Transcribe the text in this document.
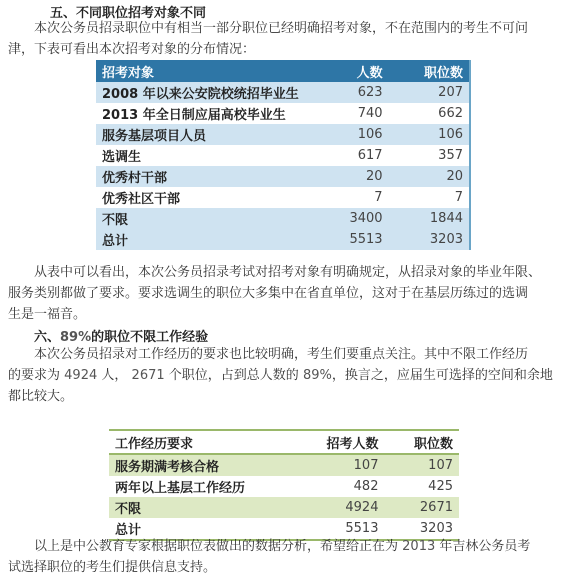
五、不同职位招考对象不同
本次公务员招录职位中有相当一部分职位已经明确招考对象，不在范围内的考生不可问
津，下表可看出本次招考对象的分布情况：
招考对象	人数	职位数
2008 年以来公安院校统招毕业生	623	207
2013 年全日制应届高校毕业生	740	662
服务基层项目人员	106	106
选调生	617	357
优秀村干部	20	20
优秀社区干部	7	7
不限	3400	1844
总计	5513	3203
从表中可以看出，本次公务员招录考试对招考对象有明确规定，从招录对象的毕业年限、
服务类别都做了要求。要求选调生的职位大多集中在省直单位，这对于在基层历练过的选调
生是一福音。
六、89%的职位不限工作经验
本次公务员招录对工作经历的要求也比较明确，考生们要重点关注。其中不限工作经历
的要求为 4924 人， 2671 个职位，占到总人数的 89%，换言之，应届生可选择的空间和余地
都比较大。
工作经历要求	招考人数	职位数
服务期满考核合格	107	107
两年以上基层工作经历	482	425
不限	4924	2671
总计	5513	3203
以上是中公教育专家根据职位表做出的数据分析，希望给正在为 2013 年吉林公务员考
试选择职位的考生们提供信息支持。
